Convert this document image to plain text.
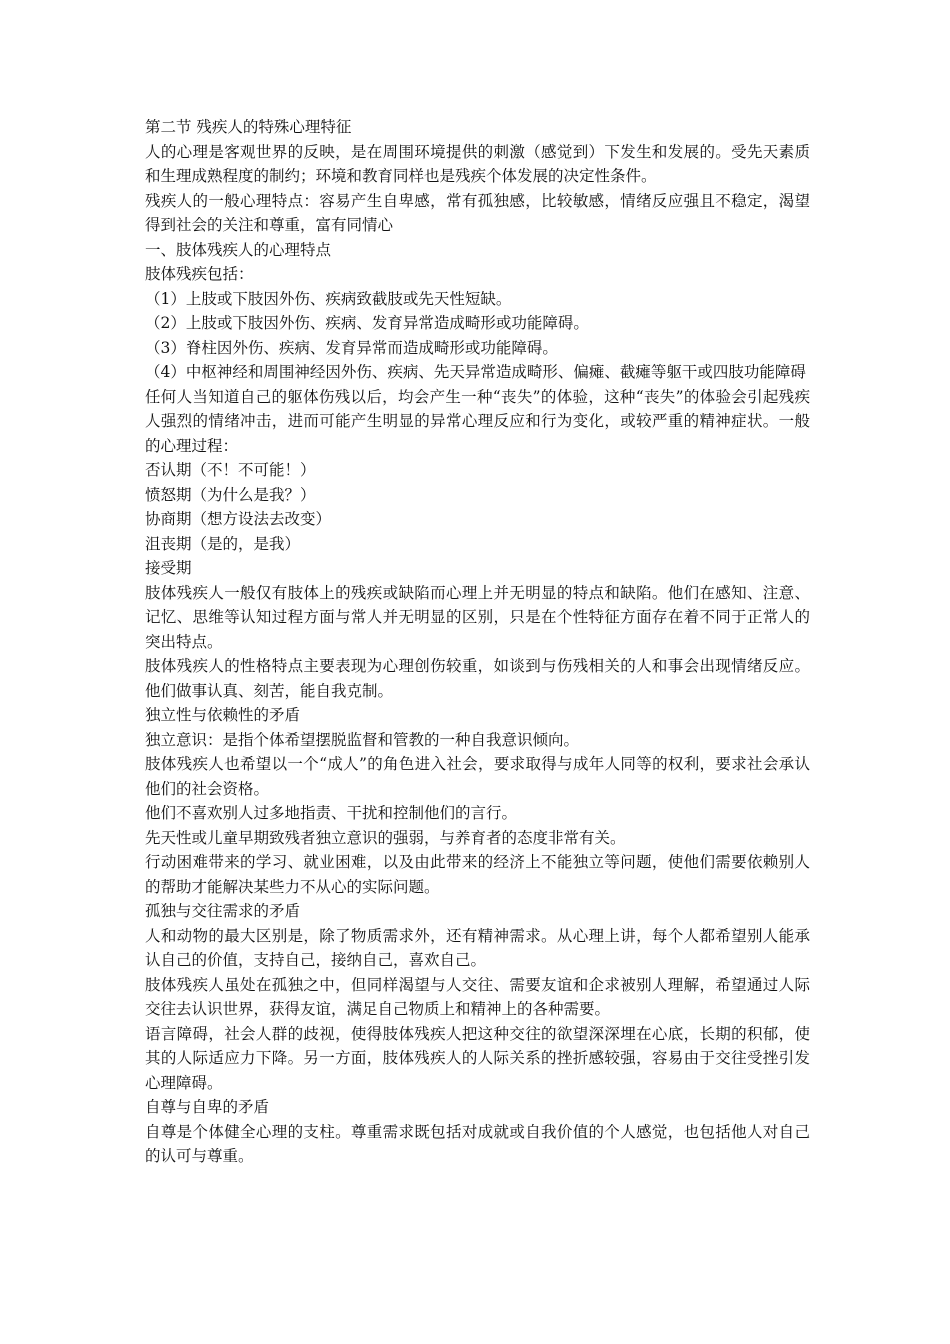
第二节 残疾人的特殊心理特征

人的心理是客观世界的反映，是在周围环境提供的刺激（感觉到）下发生和发展的。受先天素质和生理成熟程度的制约；环境和教育同样也是残疾个体发展的决定性条件。

残疾人的一般心理特点：容易产生自卑感，常有孤独感，比较敏感，情绪反应强且不稳定，渴望得到社会的关注和尊重，富有同情心

一、肢体残疾人的心理特点

肢体残疾包括：

（1）上肢或下肢因外伤、疾病致截肢或先天性短缺。

（2）上肢或下肢因外伤、疾病、发育异常造成畸形或功能障碍。

（3）脊柱因外伤、疾病、发育异常而造成畸形或功能障碍。

（4）中枢神经和周围神经因外伤、疾病、先天异常造成畸形、偏瘫、截瘫等躯干或四肢功能障碍

任何人当知道自己的躯体伤残以后，均会产生一种“丧失”的体验，这种“丧失”的体验会引起残疾人强烈的情绪冲击，进而可能产生明显的异常心理反应和行为变化，或较严重的精神症状。一般的心理过程：

否认期（不！不可能！）

愤怒期（为什么是我？）

协商期（想方设法去改变）

沮丧期（是的，是我）

接受期

肢体残疾人一般仅有肢体上的残疾或缺陷而心理上并无明显的特点和缺陷。他们在感知、注意、记忆、思维等认知过程方面与常人并无明显的区别，只是在个性特征方面存在着不同于正常人的突出特点。

肢体残疾人的性格特点主要表现为心理创伤较重，如谈到与伤残相关的人和事会出现情绪反应。他们做事认真、刻苦，能自我克制。

独立性与依赖性的矛盾

独立意识：是指个体希望摆脱监督和管教的一种自我意识倾向。

肢体残疾人也希望以一个“成人”的角色进入社会，要求取得与成年人同等的权利，要求社会承认他们的社会资格。

他们不喜欢别人过多地指责、干扰和控制他们的言行。

先天性或儿童早期致残者独立意识的强弱，与养育者的态度非常有关。

行动困难带来的学习、就业困难，以及由此带来的经济上不能独立等问题，使他们需要依赖别人的帮助才能解决某些力不从心的实际问题。

孤独与交往需求的矛盾

人和动物的最大区别是，除了物质需求外，还有精神需求。从心理上讲，每个人都希望别人能承认自己的价值，支持自己，接纳自己，喜欢自己。

肢体残疾人虽处在孤独之中，但同样渴望与人交往、需要友谊和企求被别人理解，希望通过人际交往去认识世界，获得友谊，满足自己物质上和精神上的各种需要。

语言障碍，社会人群的歧视，使得肢体残疾人把这种交往的欲望深深埋在心底，长期的积郁，使其的人际适应力下降。另一方面，肢体残疾人的人际关系的挫折感较强，容易由于交往受挫引发心理障碍。

自尊与自卑的矛盾

自尊是个体健全心理的支柱。尊重需求既包括对成就或自我价值的个人感觉，也包括他人对自己的认可与尊重。
